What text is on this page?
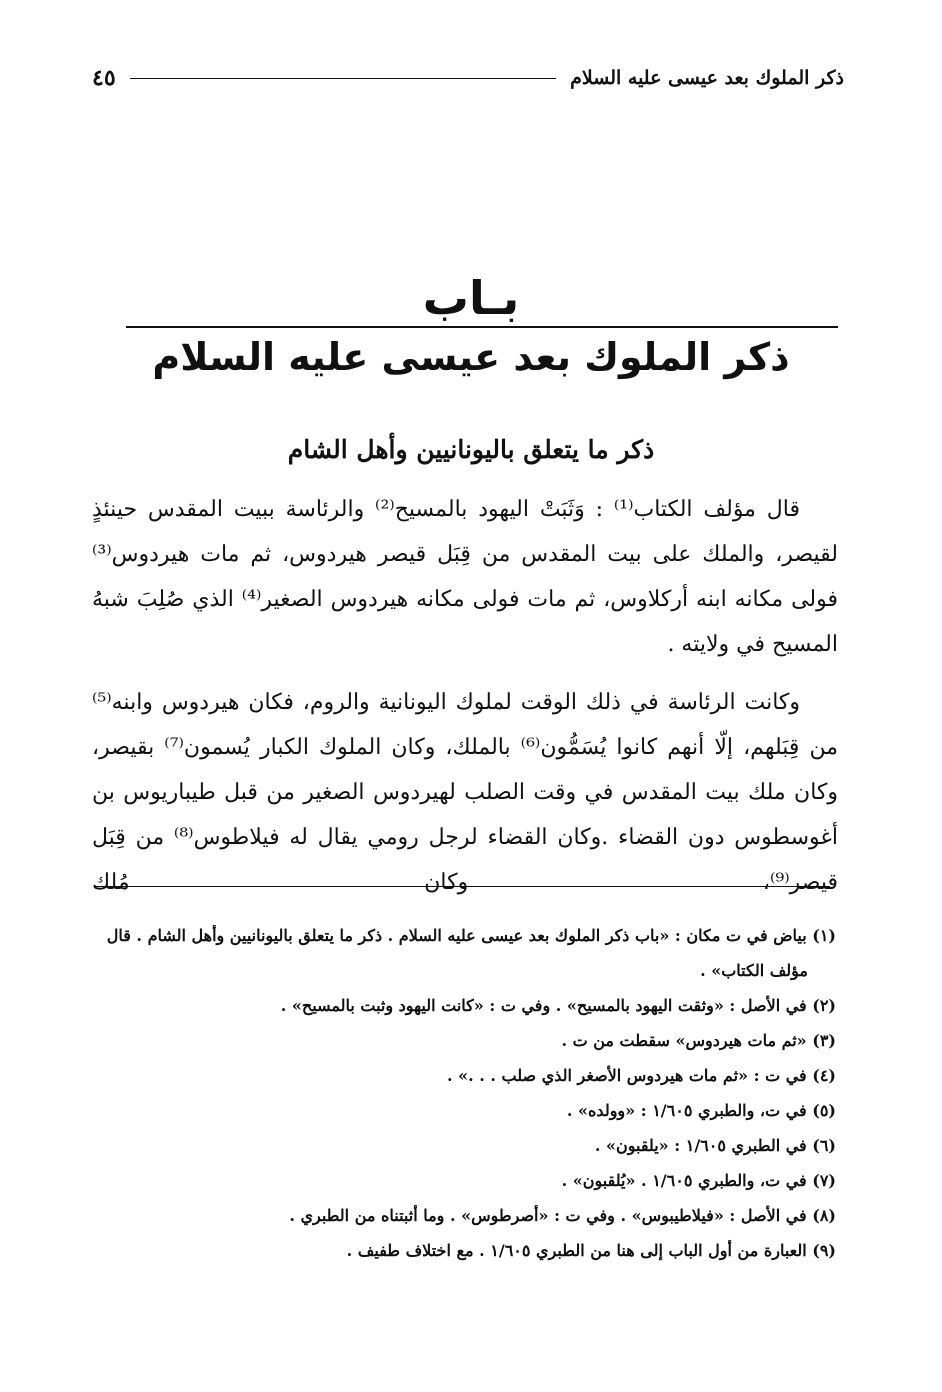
ذكر الملوك بعد عيسى عليه السلام
٤٥
بـاب
ذكر الملوك بعد عيسى عليه السلام
ذكر ما يتعلق باليونانيين وأهل الشام

قال مؤلف الكتاب⁽¹⁾ : وَثَبَتْ اليهود بالمسيح⁽²⁾ والرئاسة ببيت المقدس حينئذٍ لقيصر، والملك على بيت المقدس من قِبَل قيصر هيردوس، ثم مات هيردوس⁽³⁾ فولى مكانه ابنه أركلاوس، ثم مات فولى مكانه هيردوس الصغير⁽⁴⁾ الذي صُلِبَ شبهُ المسيح في ولايته .

وكانت الرئاسة في ذلك الوقت لملوك اليونانية والروم، فكان هيردوس وابنه⁽⁵⁾ من قِبَلهم، إلّا أنهم كانوا يُسَمُّون⁽⁶⁾ بالملك، وكان الملوك الكبار يُسمون⁽⁷⁾ بقيصر، وكان ملك بيت المقدس في وقت الصلب لهيردوس الصغير من قبل طيباريوس بن أغوسطوس دون القضاء .وكان القضاء لرجل رومي يقال له فيلاطوس⁽⁸⁾ من قِبَل قيصر⁽⁹⁾، وكان مُلك

(١) بياض في ت مكان : «باب ذكر الملوك بعد عيسى عليه السلام . ذكر ما يتعلق باليونانيين وأهل الشام . قال مؤلف الكتاب» .

(٢) في الأصل : «وثقت اليهود بالمسيح» . وفي ت : «كانت اليهود وثبت بالمسيح» .

(٣) «ثم مات هيردوس» سقطت من ت .

(٤) في ت : «ثم مات هيردوس الأصغر الذي صلب . . .» .

(٥) في ت، والطبري ١/٦٠٥ : «وولده» .

(٦) في الطبري ١/٦٠٥ : «يلقبون» .

(٧) في ت، والطبري ١/٦٠٥ . «يُلقبون» .

(٨) في الأصل : «فيلاطيبوس» . وفي ت : «أصرطوس» . وما أثبتناه من الطبري .

(٩) العبارة من أول الباب إلى هنا من الطبري ١/٦٠٥ . مع اختلاف طفيف .
